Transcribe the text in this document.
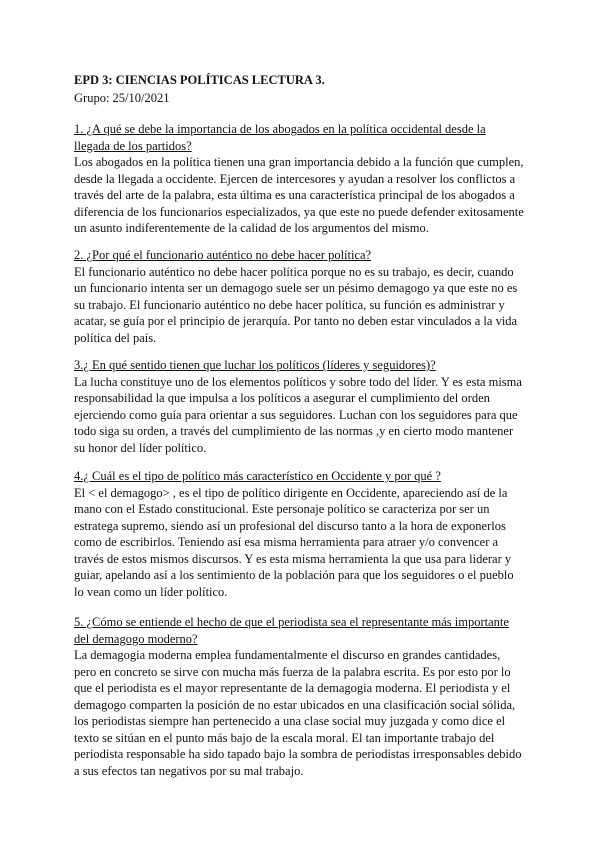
EPD 3: CIENCIAS POLÍTICAS LECTURA 3.

Grupo: 25/10/2021

1. ¿A qué se debe la importancia de los abogados en la política occidental desde la llegada de los partidos?

Los abogados en la política tienen una gran importancia debido a la función que cumplen, desde la llegada a occidente. Ejercen de intercesores y ayudan a resolver los conflictos a través del arte de la palabra, esta última es una característica principal de los abogados a diferencia de los funcionarios especializados, ya que este no puede defender exitosamente un asunto indiferentemente de la calidad de los argumentos del mismo.

2. ¿Por qué el funcionario auténtico no debe hacer política?

El funcionario auténtico no debe hacer política porque no es su trabajo, es decir, cuando un funcionario intenta ser un demagogo suele ser un pésimo demagogo ya que este no es su trabajo. El funcionario auténtico no debe hacer política, su función es administrar y acatar, se guía por el principio de jerarquía. Por tanto no deben estar vinculados a la vida política del país.

3.¿ En qué sentido tienen que luchar los políticos (líderes y seguidores)?

La lucha constituye uno de los elementos políticos y sobre todo del líder. Y es esta misma responsabilidad la que impulsa a los políticos a asegurar el cumplimiento del orden ejerciendo como guía para orientar a sus seguidores. Luchan con los seguidores para que todo siga su orden, a través del cumplimiento de las normas ,y en cierto modo mantener su honor del líder político.

4.¿ Cuál es el tipo de político más característico en Occidente y por qué ?

El < el demagogo> , es el tipo de político dirigente en Occidente, apareciendo así de la mano con el Estado constitucional. Este personaje político se caracteriza por ser un estratega supremo, siendo así un profesional del discurso tanto a la hora de exponerlos como de escribirlos. Teniendo así esa misma herramienta para atraer y/o convencer a través de estos mismos discursos. Y es esta misma herramienta la que usa para liderar y guiar, apelando así a los sentimiento de la población para que los seguidores o el pueblo lo vean como un líder político.

5. ¿Cómo se entiende el hecho de que el periodista sea el representante más importante del demagogo moderno?

La demagogia moderna emplea fundamentalmente el discurso en grandes cantidades, pero en concreto se sirve con mucha más fuerza de la palabra escrita. Es por esto por lo que el periodista es el mayor representante de la demagogia moderna. El periodista y el demagogo comparten la posición de no estar ubicados en una clasificación social sólida, los periodistas siempre han pertenecido a una clase social muy juzgada y como dice el texto se sitúan en el punto más bajo de la escala moral. El tan importante trabajo del periodista responsable ha sido tapado bajo la sombra de periodistas irresponsables debido a sus efectos tan negativos por su mal trabajo.
